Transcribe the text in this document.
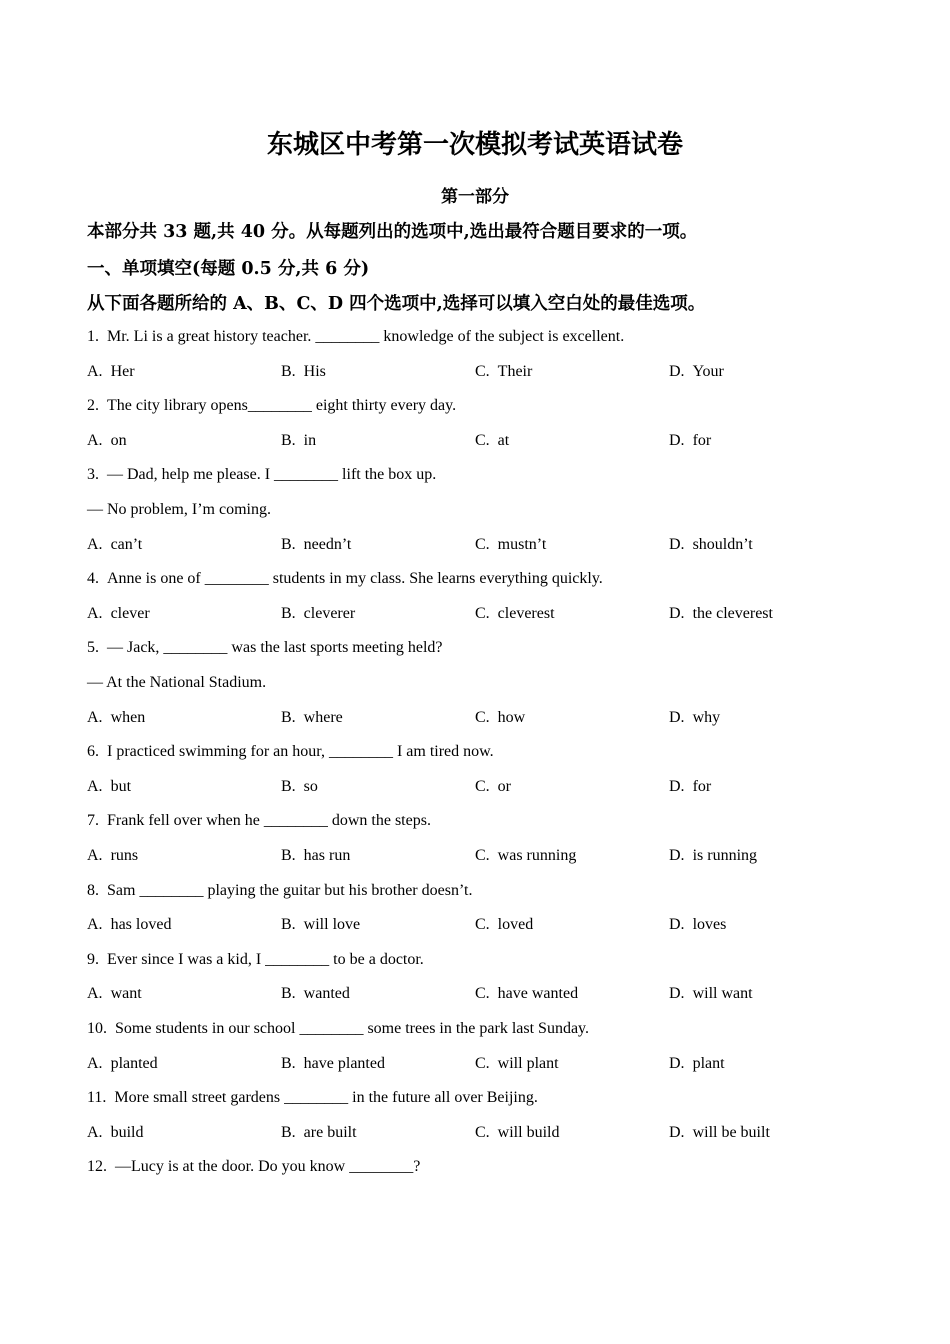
东城区中考第一次模拟考试英语试卷
第一部分
本部分共 33 题,共 40 分。从每题列出的选项中,选出最符合题目要求的一项。
一、单项填空(每题 0.5 分,共 6 分)
从下面各题所给的 A、B、C、D 四个选项中,选择可以填入空白处的最佳选项。
1. Mr. Li is a great history teacher. ________ knowledge of the subject is excellent.
A. Her	B. His	C. Their	D. Your
2. The city library opens________ eight thirty every day.
A. on	B. in	C. at	D. for
3. — Dad, help me please. I ________ lift the box up.
— No problem, I’m coming.
A. can’t	B. needn’t	C. mustn’t	D. shouldn’t
4. Anne is one of ________ students in my class. She learns everything quickly.
A. clever	B. cleverer	C. cleverest	D. the cleverest
5. — Jack, ________ was the last sports meeting held?
— At the National Stadium.
A. when	B. where	C. how	D. why
6. I practiced swimming for an hour, ________ I am tired now.
A. but	B. so	C. or	D. for
7. Frank fell over when he ________ down the steps.
A. runs	B. has run	C. was running	D. is running
8. Sam ________ playing the guitar but his brother doesn’t.
A. has loved	B. will love	C. loved	D. loves
9. Ever since I was a kid, I ________ to be a doctor.
A. want	B. wanted	C. have wanted	D. will want
10. Some students in our school ________ some trees in the park last Sunday.
A. planted	B. have planted	C. will plant	D. plant
11. More small street gardens ________ in the future all over Beijing.
A. build	B. are built	C. will build	D. will be built
12. —Lucy is at the door. Do you know ________?
